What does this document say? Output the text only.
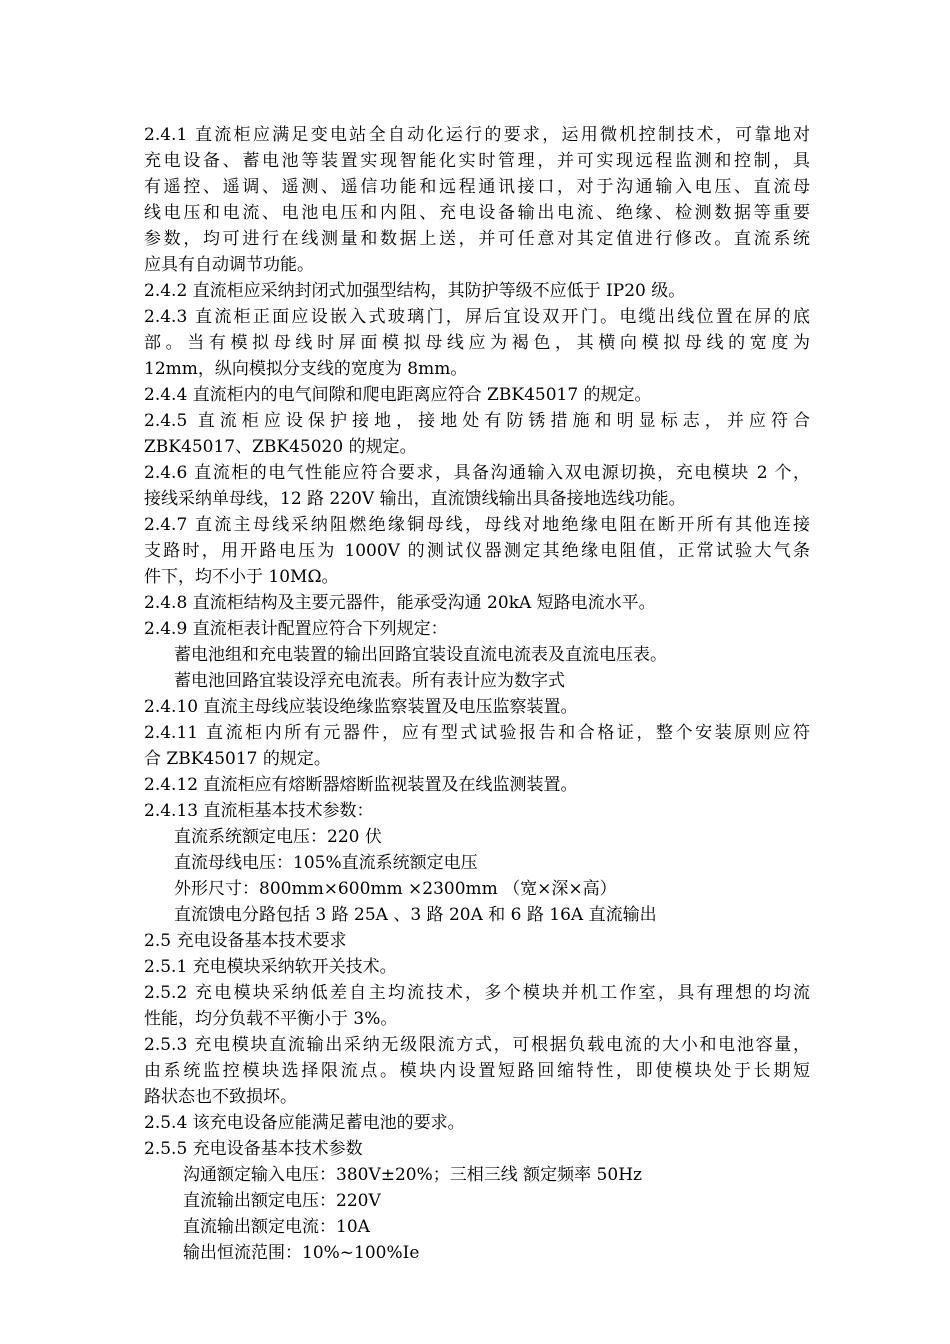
2.4.1 直流柜应满足变电站全自动化运行的要求，运用微机控制技术，可靠地对
充电设备、蓄电池等装置实现智能化实时管理，并可实现远程监测和控制，具
有遥控、遥调、遥测、遥信功能和远程通讯接口，对于沟通输入电压、直流母
线电压和电流、电池电压和内阻、充电设备输出电流、绝缘、检测数据等重要
参数，均可进行在线测量和数据上送，并可任意对其定值进行修改。直流系统
应具有自动调节功能。
2.4.2 直流柜应采纳封闭式加强型结构，其防护等级不应低于 IP20 级。
2.4.3 直流柜正面应设嵌入式玻璃门，屏后宜设双开门。电缆出线位置在屏的底
部。当有模拟母线时屏面模拟母线应为褐色，其横向模拟母线的宽度为
12mm，纵向模拟分支线的宽度为 8mm。
2.4.4 直流柜内的电气间隙和爬电距离应符合 ZBK45017 的规定。
2.4.5 直流柜应设保护接地，接地处有防锈措施和明显标志，并应符合
ZBK45017、ZBK45020 的规定。
2.4.6 直流柜的电气性能应符合要求，具备沟通输入双电源切换，充电模块 2 个，
接线采纳单母线，12 路 220V 输出，直流馈线输出具备接地选线功能。
2.4.7 直流主母线采纳阻燃绝缘铜母线，母线对地绝缘电阻在断开所有其他连接
支路时，用开路电压为 1000V 的测试仪器测定其绝缘电阻值，正常试验大气条
件下，均不小于 10MΩ。
2.4.8 直流柜结构及主要元器件，能承受沟通 20kA 短路电流水平。
2.4.9 直流柜表计配置应符合下列规定：
蓄电池组和充电装置的输出回路宜装设直流电流表及直流电压表。
蓄电池回路宜装设浮充电流表。所有表计应为数字式
2.4.10 直流主母线应装设绝缘监察装置及电压监察装置。
2.4.11 直流柜内所有元器件，应有型式试验报告和合格证，整个安装原则应符
合 ZBK45017 的规定。
2.4.12 直流柜应有熔断器熔断监视装置及在线监测装置。
2.4.13 直流柜基本技术参数：
直流系统额定电压：220 伏
直流母线电压：105%直流系统额定电压
外形尺寸：800mm×600mm ×2300mm （宽×深×高）
直流馈电分路包括 3 路 25A 、3 路 20A 和 6 路 16A 直流输出
2.5 充电设备基本技术要求
2.5.1 充电模块采纳软开关技术。
2.5.2 充电模块采纳低差自主均流技术，多个模块并机工作室，具有理想的均流
性能，均分负载不平衡小于 3%。
2.5.3 充电模块直流输出采纳无级限流方式，可根据负载电流的大小和电池容量，
由系统监控模块选择限流点。模块内设置短路回缩特性，即使模块处于长期短
路状态也不致损坏。
2.5.4 该充电设备应能满足蓄电池的要求。
2.5.5 充电设备基本技术参数
沟通额定输入电压：380V±20%；三相三线 额定频率 50Hz
直流输出额定电压：220V
直流输出额定电流：10A
输出恒流范围：10%~100%Ie
